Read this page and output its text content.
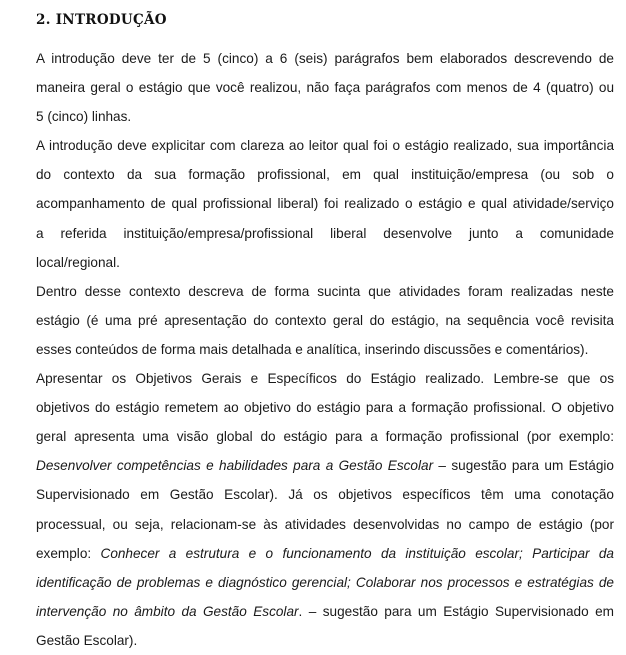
2. INTRODUÇÃO

A introdução deve ter de 5 (cinco) a 6 (seis) parágrafos bem elaborados descrevendo de
maneira geral o estágio que você realizou, não faça parágrafos com menos de 4 (quatro) ou
5 (cinco) linhas.

A introdução deve explicitar com clareza ao leitor qual foi o estágio realizado, sua importância
do contexto da sua formação profissional, em qual instituição/empresa (ou sob o
acompanhamento de qual profissional liberal) foi realizado o estágio e qual atividade/serviço
a referida instituição/empresa/profissional liberal desenvolve junto a comunidade
local/regional.

Dentro desse contexto descreva de forma sucinta que atividades foram realizadas neste
estágio (é uma pré apresentação do contexto geral do estágio, na sequência você revisita
esses conteúdos de forma mais detalhada e analítica, inserindo discussões e comentários).

Apresentar os Objetivos Gerais e Específicos do Estágio realizado. Lembre-se que os
objetivos do estágio remetem ao objetivo do estágio para a formação profissional. O objetivo
geral apresenta uma visão global do estágio para a formação profissional (por exemplo:
Desenvolver competências e habilidades para a Gestão Escolar – sugestão para um Estágio
Supervisionado em Gestão Escolar). Já os objetivos específicos têm uma conotação
processual, ou seja, relacionam-se às atividades desenvolvidas no campo de estágio (por
exemplo: Conhecer a estrutura e o funcionamento da instituição escolar; Participar da
identificação de problemas e diagnóstico gerencial; Colaborar nos processos e estratégias de
intervenção no âmbito da Gestão Escolar. – sugestão para um Estágio Supervisionado em
Gestão Escolar).
